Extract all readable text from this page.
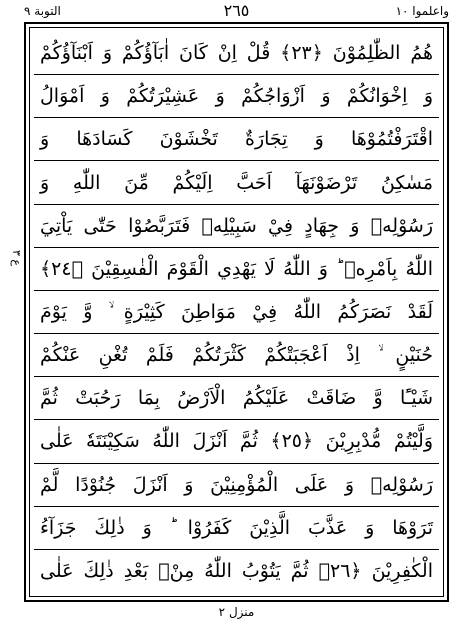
التوبة ٩	٢٦٥	واعلموا ١٠
ع ٣
هُمُ الظّٰلِمُوْنَ ﴿٢٣﴾ قُلْ اِنْ كَانَ اٰبَآؤُكُمْ وَ اَبْنَآؤُكُمْ
وَ اِخْوَانُكُمْ وَ اَزْوَاجُكُمْ وَ عَشِيْرَتُكُمْ وَ اَمْوَالُ
اقْتَرَفْتُمُوْهَا وَ تِجَارَةٌ تَخْشَوْنَ كَسَادَهَا وَ
مَسٰكِنُ تَرْضَوْنَهَآ اَحَبَّ اِلَيْكُمْ مِّنَ اللّٰهِ وَ
رَسُوْلِهٖ وَ جِهَادٍ فِيْ سَبِيْلِهٖ فَتَرَبَّصُوْا حَتّٰى يَاْتِيَ
اللّٰهُ بِاَمْرِهٖ ؕ وَ اللّٰهُ لَا يَهْدِي الْقَوْمَ الْفٰسِقِيْنَ ﴿٢٤﴾
لَقَدْ نَصَرَكُمُ اللّٰهُ فِيْ مَوَاطِنَ كَثِيْرَةٍ ۙ وَّ يَوْمَ
حُنَيْنٍ ۙ اِذْ اَعْجَبَتْكُمْ كَثْرَتُكُمْ فَلَمْ تُغْنِ عَنْكُمْ
شَيْـًٔا وَّ ضَاقَتْ عَلَيْكُمُ الْاَرْضُ بِمَا رَحُبَتْ ثُمَّ
وَلَّيْتُمْ مُّدْبِرِيْنَ ﴿٢٥﴾ ثُمَّ اَنْزَلَ اللّٰهُ سَكِيْنَتَهٗ عَلٰى
رَسُوْلِهٖ وَ عَلَى الْمُؤْمِنِيْنَ وَ اَنْزَلَ جُنُوْدًا لَّمْ
تَرَوْهَا وَ عَذَّبَ الَّذِيْنَ كَفَرُوْا ؕ وَ ذٰلِكَ جَزَآءُ
الْكٰفِرِيْنَ ﴿٢٦﴾ ثُمَّ يَتُوْبُ اللّٰهُ مِنْۢ بَعْدِ ذٰلِكَ عَلٰى
منزل ٢
